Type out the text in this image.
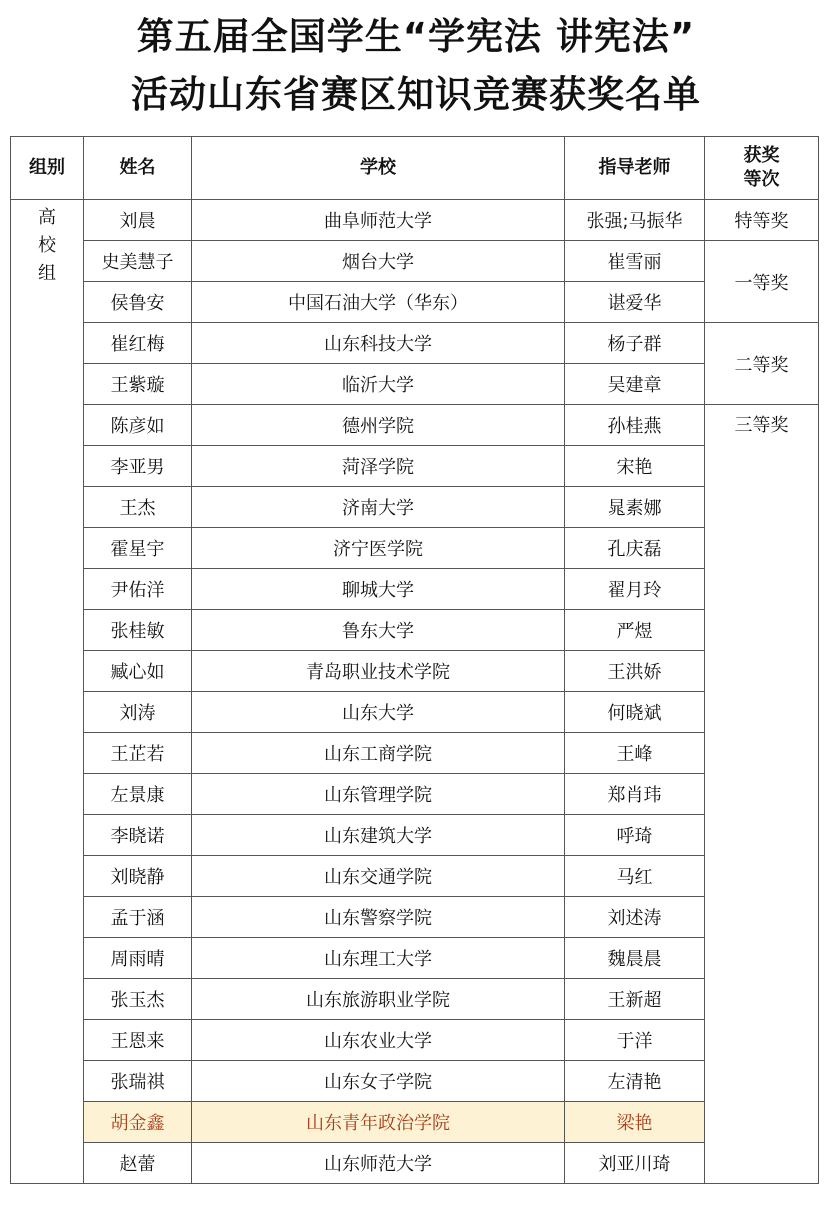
第五届全国学生“学宪法 讲宪法”
活动山东省赛区知识竞赛获奖名单
组别	姓名	学校	指导老师	获奖
等次

高
校
组	刘晨	曲阜师范大学	张强;马振华	特等奖
	史美慧子	烟台大学	崔雪丽	一等奖
	侯鲁安	中国石油大学（华东）	谌爱华	
	崔红梅	山东科技大学	杨子群	二等奖
	王紫璇	临沂大学	吴建章	
	陈彦如	德州学院	孙桂燕	三等奖
	李亚男	菏泽学院	宋艳	
	王杰	济南大学	晁素娜	
	霍星宇	济宁医学院	孔庆磊	
	尹佑洋	聊城大学	翟月玲	
	张桂敏	鲁东大学	严煜	
	臧心如	青岛职业技术学院	王洪娇	
	刘涛	山东大学	何晓斌	
	王芷若	山东工商学院	王峰	
	左景康	山东管理学院	郑肖玮	
	李晓诺	山东建筑大学	呼琦	
	刘晓静	山东交通学院	马红	
	孟于涵	山东警察学院	刘述涛	
	周雨晴	山东理工大学	魏晨晨	
	张玉杰	山东旅游职业学院	王新超	
	王恩来	山东农业大学	于洋	
	张瑞祺	山东女子学院	左清艳	
	胡金鑫	山东青年政治学院	梁艳	
	赵蕾	山东师范大学	刘亚川琦	
